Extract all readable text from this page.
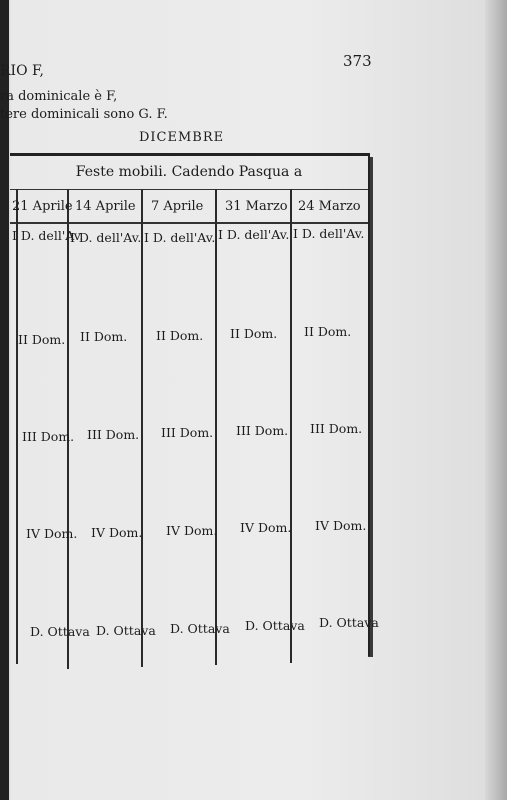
373
RIO F,
ra dominicale è F,
tere dominicali sono G. F.
DICEMBRE
Feste mobili. Cadendo Pasqua a
21 Aprile 14 Aprile 7 Aprile 31 Marzo 24 Marzo
I D. dell'Av.
I D. dell'Av. I D. dell'Av. I D. dell'Av. I D. dell'Av.
II Dom. II Dom. II Dom. II Dom. II Dom.
III Dom. III Dom. III Dom. III Dom. III Dom.
IV Dom. IV Dom. IV Dom. IV Dom. IV Dom.
D. Ottava D. Ottava D. Ottava D. Ottava D. Ottava
